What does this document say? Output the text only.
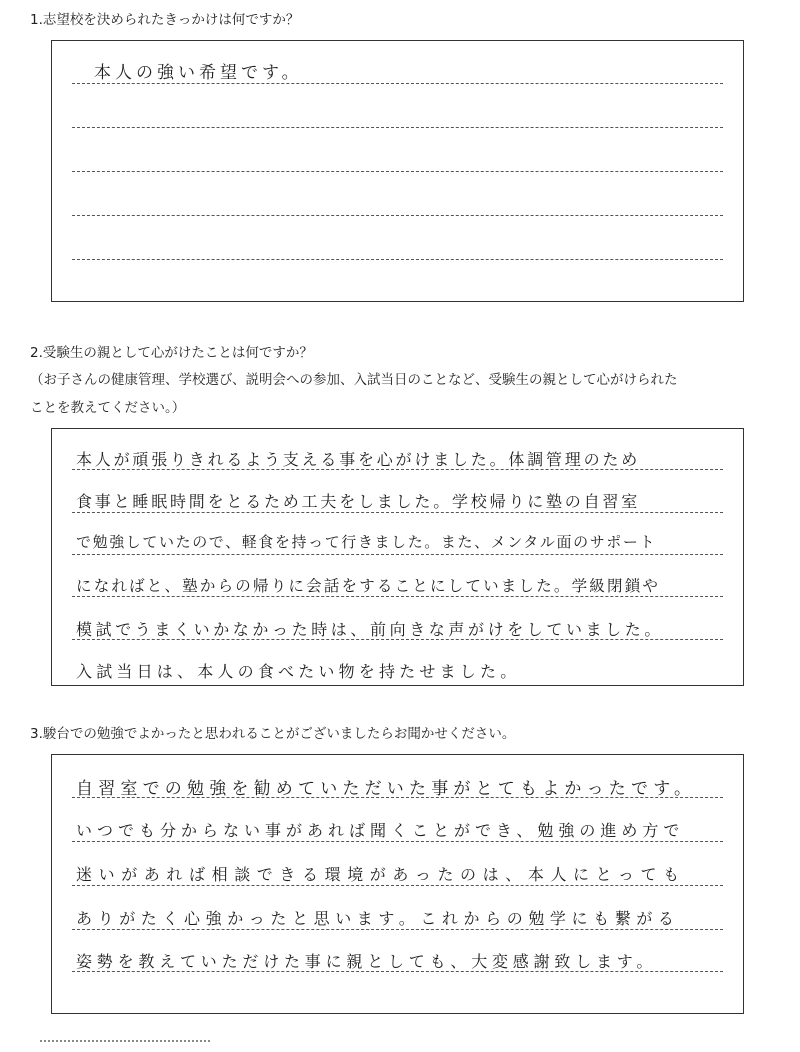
1.志望校を決められたきっかけは何ですか？
本人の強い希望です。
2.受験生の親として心がけたことは何ですか？
（お子さんの健康管理、学校選び、説明会への参加、入試当日のことなど、受験生の親として心がけられた
ことを教えてください。）
本人が頑張りきれるよう支える事を心がけました。体調管理のため
食事と睡眠時間をとるため工夫をしました。学校帰りに塾の自習室
で勉強していたので、軽食を持って行きました。また、メンタル面のサポート
になればと、塾からの帰りに会話をすることにしていました。学級閉鎖や
模試でうまくいかなかった時は、前向きな声がけをしていました。
入試当日は、本人の食べたい物を持たせました。
3.駿台での勉強でよかったと思われることがございましたらお聞かせください。
自習室での勉強を勧めていただいた事がとてもよかったです。
いつでも分からない事があれば聞くことができ、勉強の進め方で
迷いがあれば相談できる環境があったのは、本人にとっても
ありがたく心強かったと思います。これからの勉学にも繋がる
姿勢を教えていただけた事に親としても、大変感謝致します。
